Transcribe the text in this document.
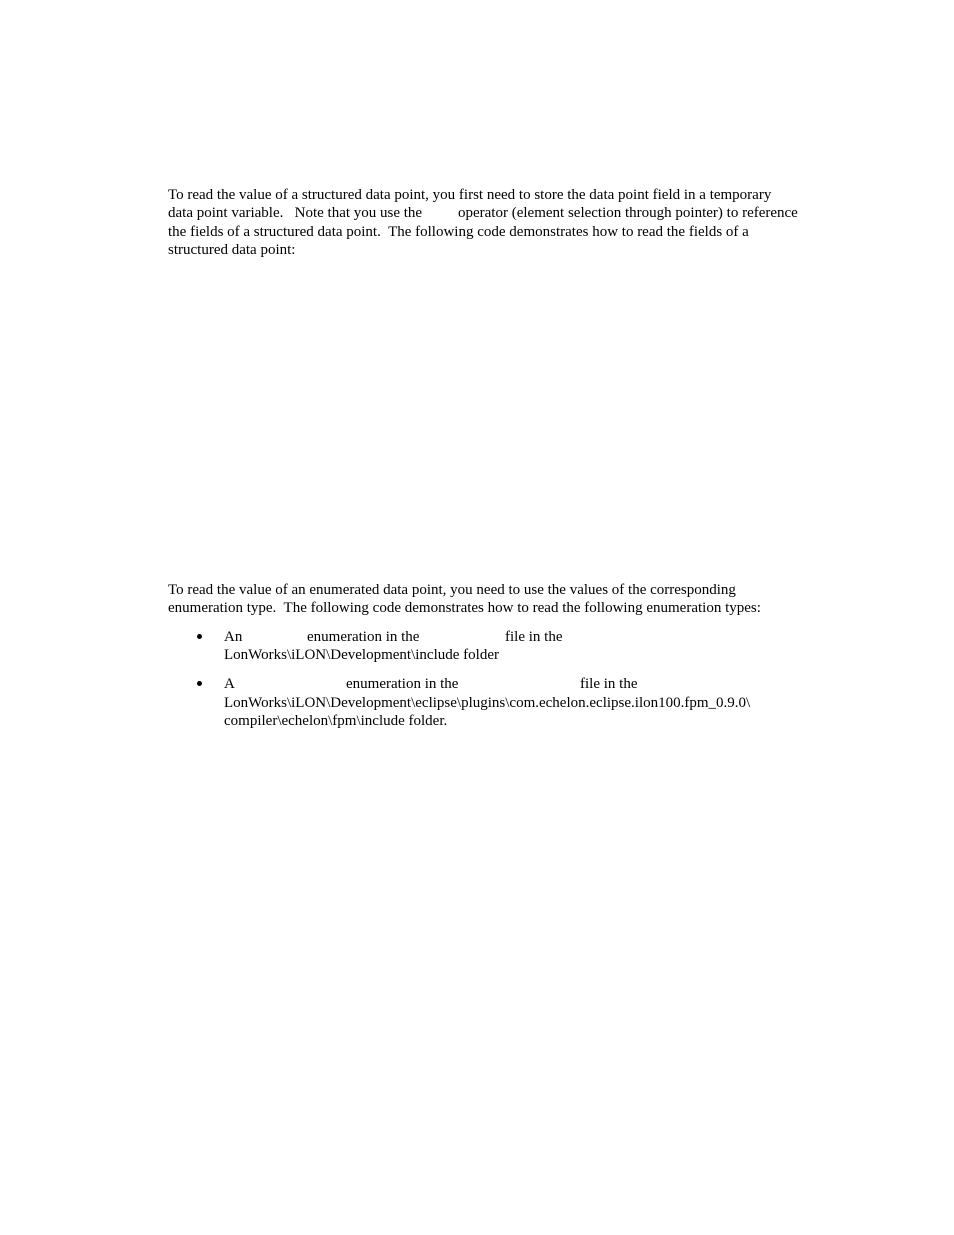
To read the value of a structured data point, you first need to store the data point field in a temporary
data point variable.   Note that you use the operator (element selection through pointer) to reference
the fields of a structured data point.  The following code demonstrates how to read the fields of a
structured data point:
To read the value of an enumerated data point, you need to use the values of the corresponding
enumeration type.  The following code demonstrates how to read the following enumeration types:
An	enumeration in the	file in the
LonWorks\iLON\Development\include folder
A	enumeration in the	file in the
LonWorks\iLON\Development\eclipse\plugins\com.echelon.eclipse.ilon100.fpm_0.9.0\
compiler\echelon\fpm\include folder.
